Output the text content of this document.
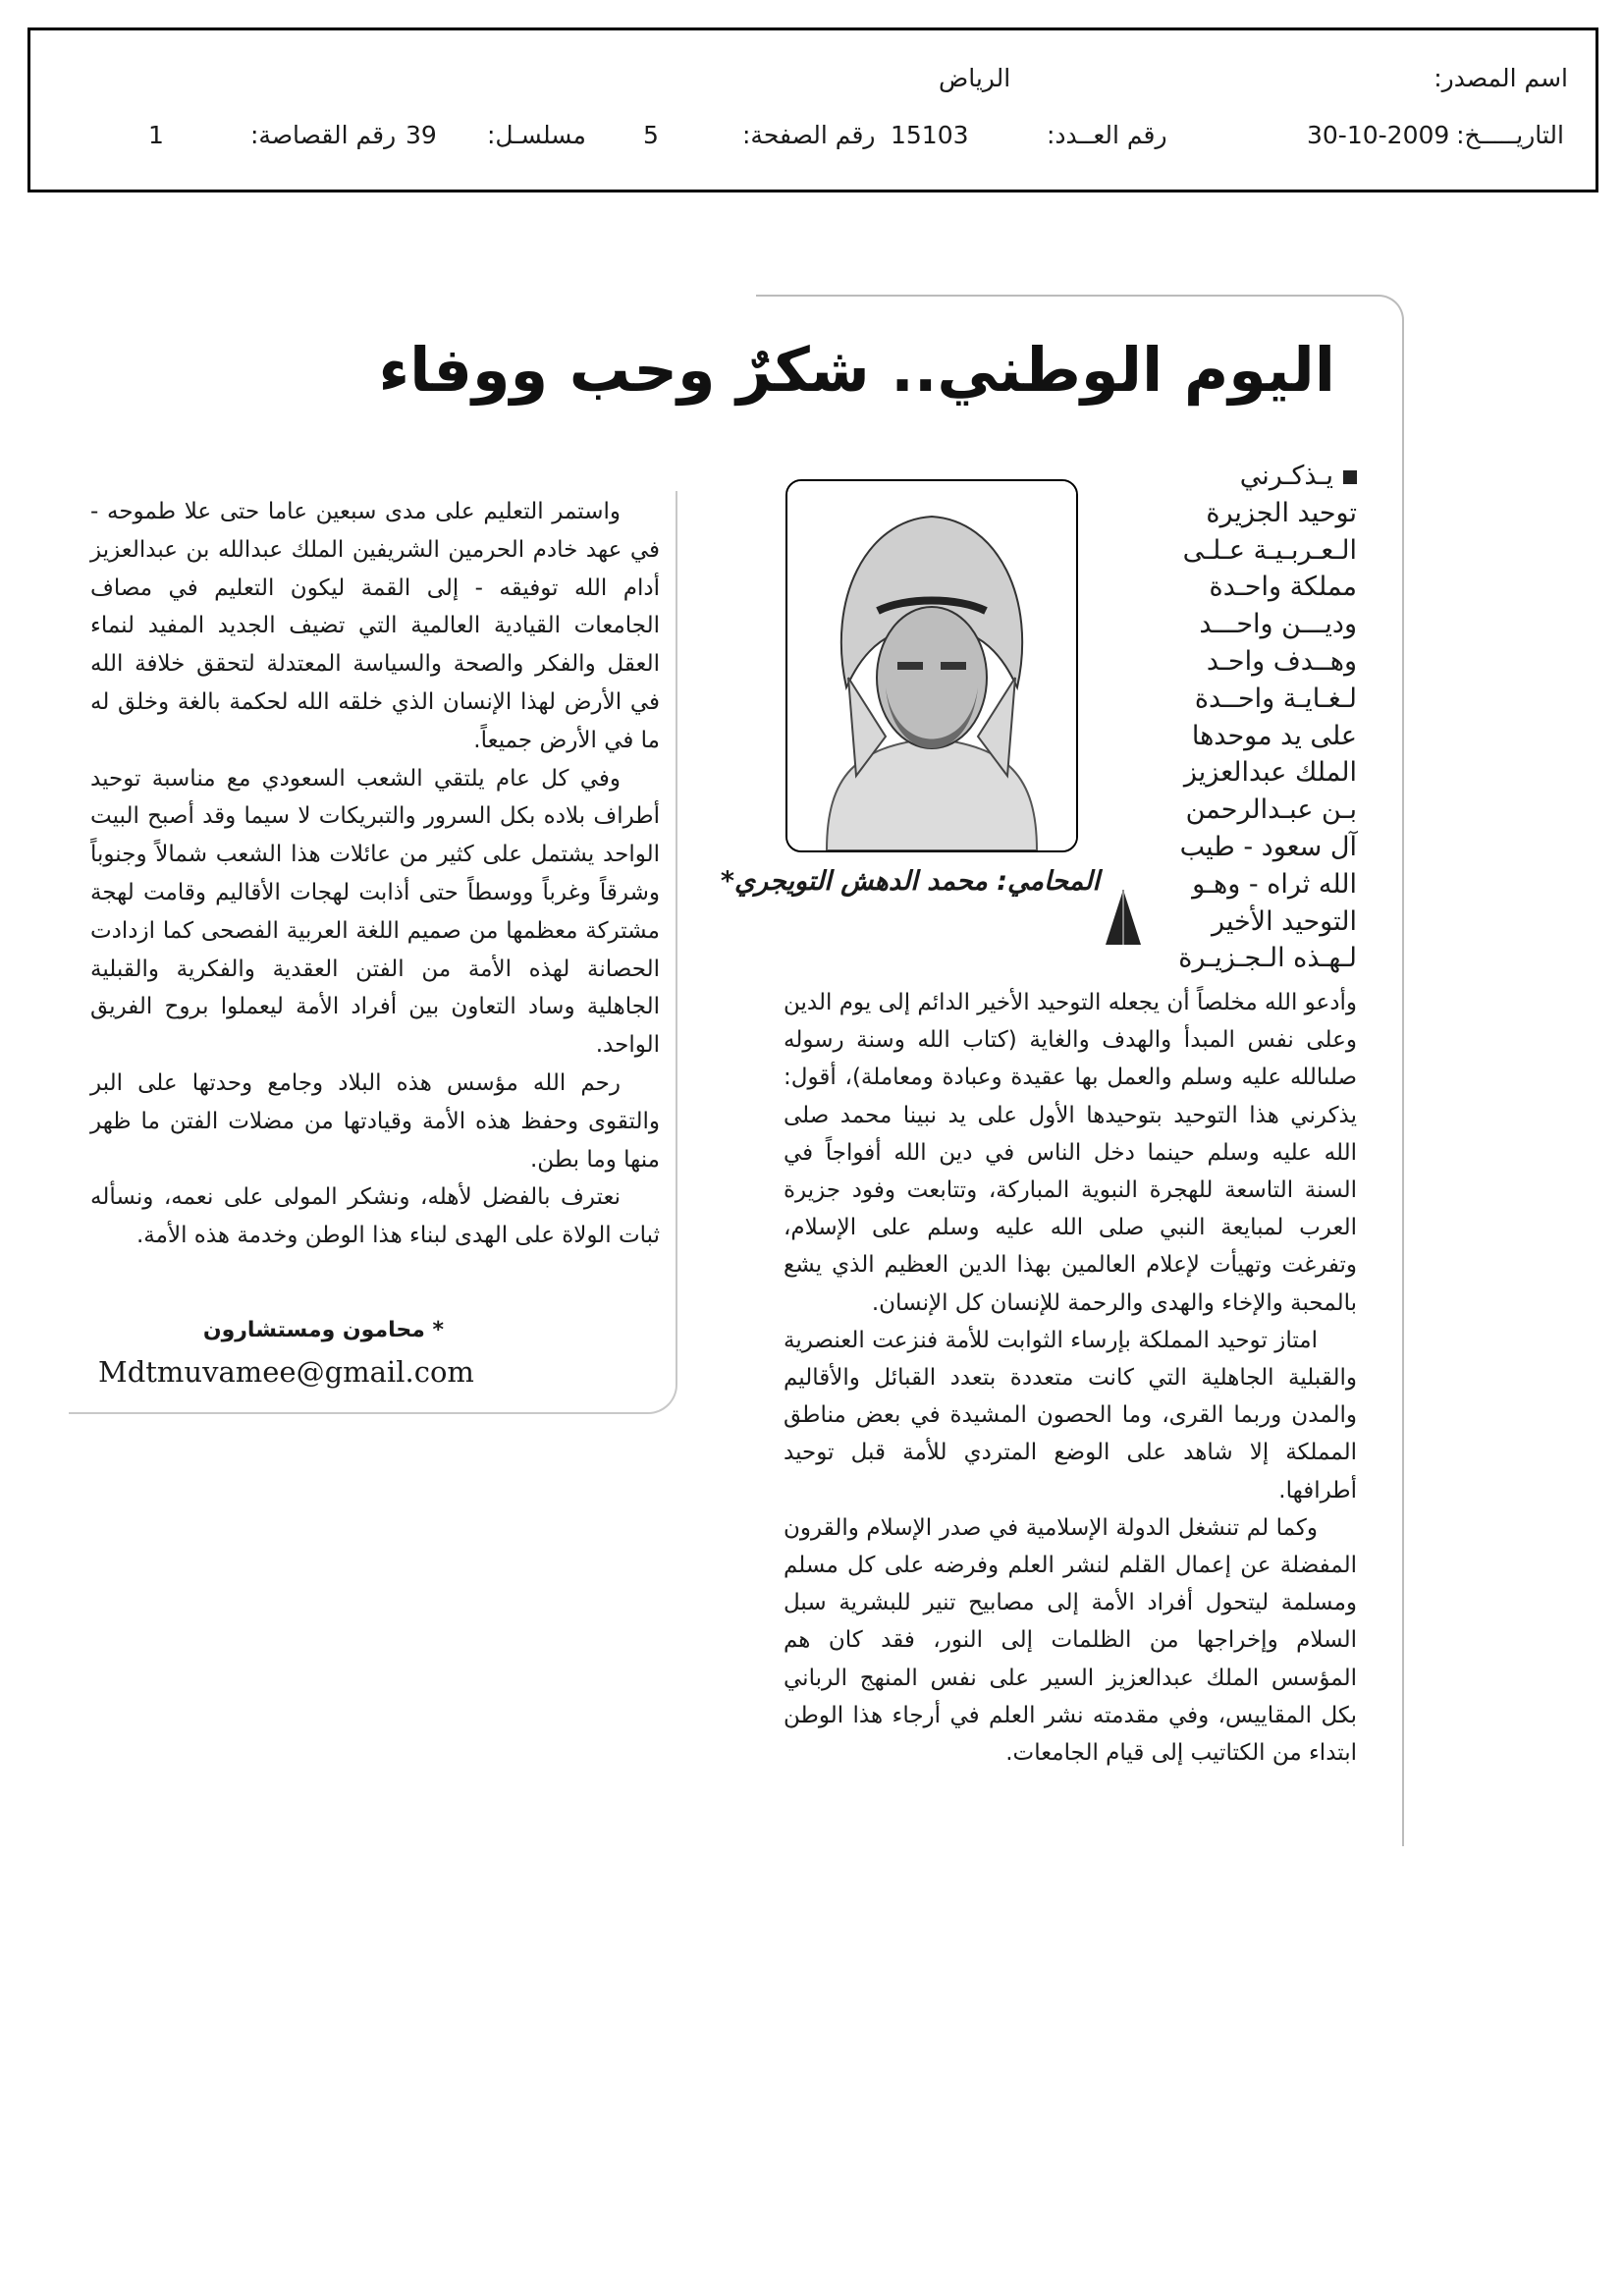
اسم المصدر:
الرياض
التاريـــــخ:
30-10-2009
رقم العــدد:
15103
رقم الصفحة:
5
مسلسـل:
39
رقم القصاصة:
1
اليوم الوطني.. شكرٌ وحب ووفاء
المحامي: محمد الدهش التويجري*

يـذكـرني

توحيد الجزيرة

الـعـربـيـة عـلـى

مملكة واحـدة

وديـــن واحـــد

وهــدف واحـد

لـغـايـة واحــدة

على يد موحدها

الملك عبدالعزيز

بـن عبـدالرحمن

آل سعود - طيب

الله ثراه - وهـو

التوحيد الأخير

لـهـذه الـجـزيـرة

وأدعو الله مخلصاً أن يجعله التوحيد الأخير الدائم إلى يوم الدين وعلى نفس المبدأ والهدف والغاية (كتاب الله وسنة رسوله صلىالله عليه وسلم والعمل بها عقيدة وعبادة ومعاملة)، أقول: يذكرني هذا التوحيد بتوحيدها الأول على يد نبينا محمد صلى الله عليه وسلم حينما دخل الناس في دين الله أفواجاً في السنة التاسعة للهجرة النبوية المباركة، وتتابعت وفود جزيرة العرب لمبايعة النبي صلى الله عليه وسلم على الإسلام، وتفرغت وتهيأت لإعلام العالمين بهذا الدين العظيم الذي يشع بالمحبة والإخاء والهدى والرحمة للإنسان كل الإنسان.

امتاز توحيد المملكة بإرساء الثوابت للأمة فنزعت العنصرية والقبلية الجاهلية التي كانت متعددة بتعدد القبائل والأقاليم والمدن وربما القرى، وما الحصون المشيدة في بعض مناطق المملكة إلا شاهد على الوضع المتردي للأمة قبل توحيد أطرافها.

وكما لم تنشغل الدولة الإسلامية في صدر الإسلام والقرون المفضلة عن إعمال القلم لنشر العلم وفرضه على كل مسلم ومسلمة ليتحول أفراد الأمة إلى مصابيح تنير للبشرية سبل السلام وإخراجها من الظلمات إلى النور، فقد كان هم المؤسس الملك عبدالعزيز السير على نفس المنهج الرباني بكل المقاييس، وفي مقدمته نشر العلم في أرجاء هذا الوطن ابتداء من الكتاتيب إلى قيام الجامعات.

واستمر التعليم على مدى سبعين عاما حتى علا طموحه - في عهد خادم الحرمين الشريفين الملك عبدالله بن عبدالعزيز أدام الله توفيقه - إلى القمة ليكون التعليم في مصاف الجامعات القيادية العالمية التي تضيف الجديد المفيد لنماء العقل والفكر والصحة والسياسة المعتدلة لتحقق خلافة الله في الأرض لهذا الإنسان الذي خلقه الله لحكمة بالغة وخلق له ما في الأرض جميعاً.

وفي كل عام يلتقي الشعب السعودي مع مناسبة توحيد أطراف بلاده بكل السرور والتبريكات لا سيما وقد أصبح البيت الواحد يشتمل على كثير من عائلات هذا الشعب شمالاً وجنوباً وشرقاً وغرباً ووسطاً حتى أذابت لهجات الأقاليم وقامت لهجة مشتركة معظمها من صميم اللغة العربية الفصحى كما ازدادت الحصانة لهذه الأمة من الفتن العقدية والفكرية والقبلية الجاهلية وساد التعاون بين أفراد الأمة ليعملوا بروح الفريق الواحد.

رحم الله مؤسس هذه البلاد وجامع وحدتها على البر والتقوى وحفظ هذه الأمة وقيادتها من مضلات الفتن ما ظهر منها وما بطن.

نعترف بالفضل لأهله، ونشكر المولى على نعمه، ونسأله ثبات الولاة على الهدى لبناء هذا الوطن وخدمة هذه الأمة.

* محامون ومستشارون
Mdtmuvamee@gmail.com
